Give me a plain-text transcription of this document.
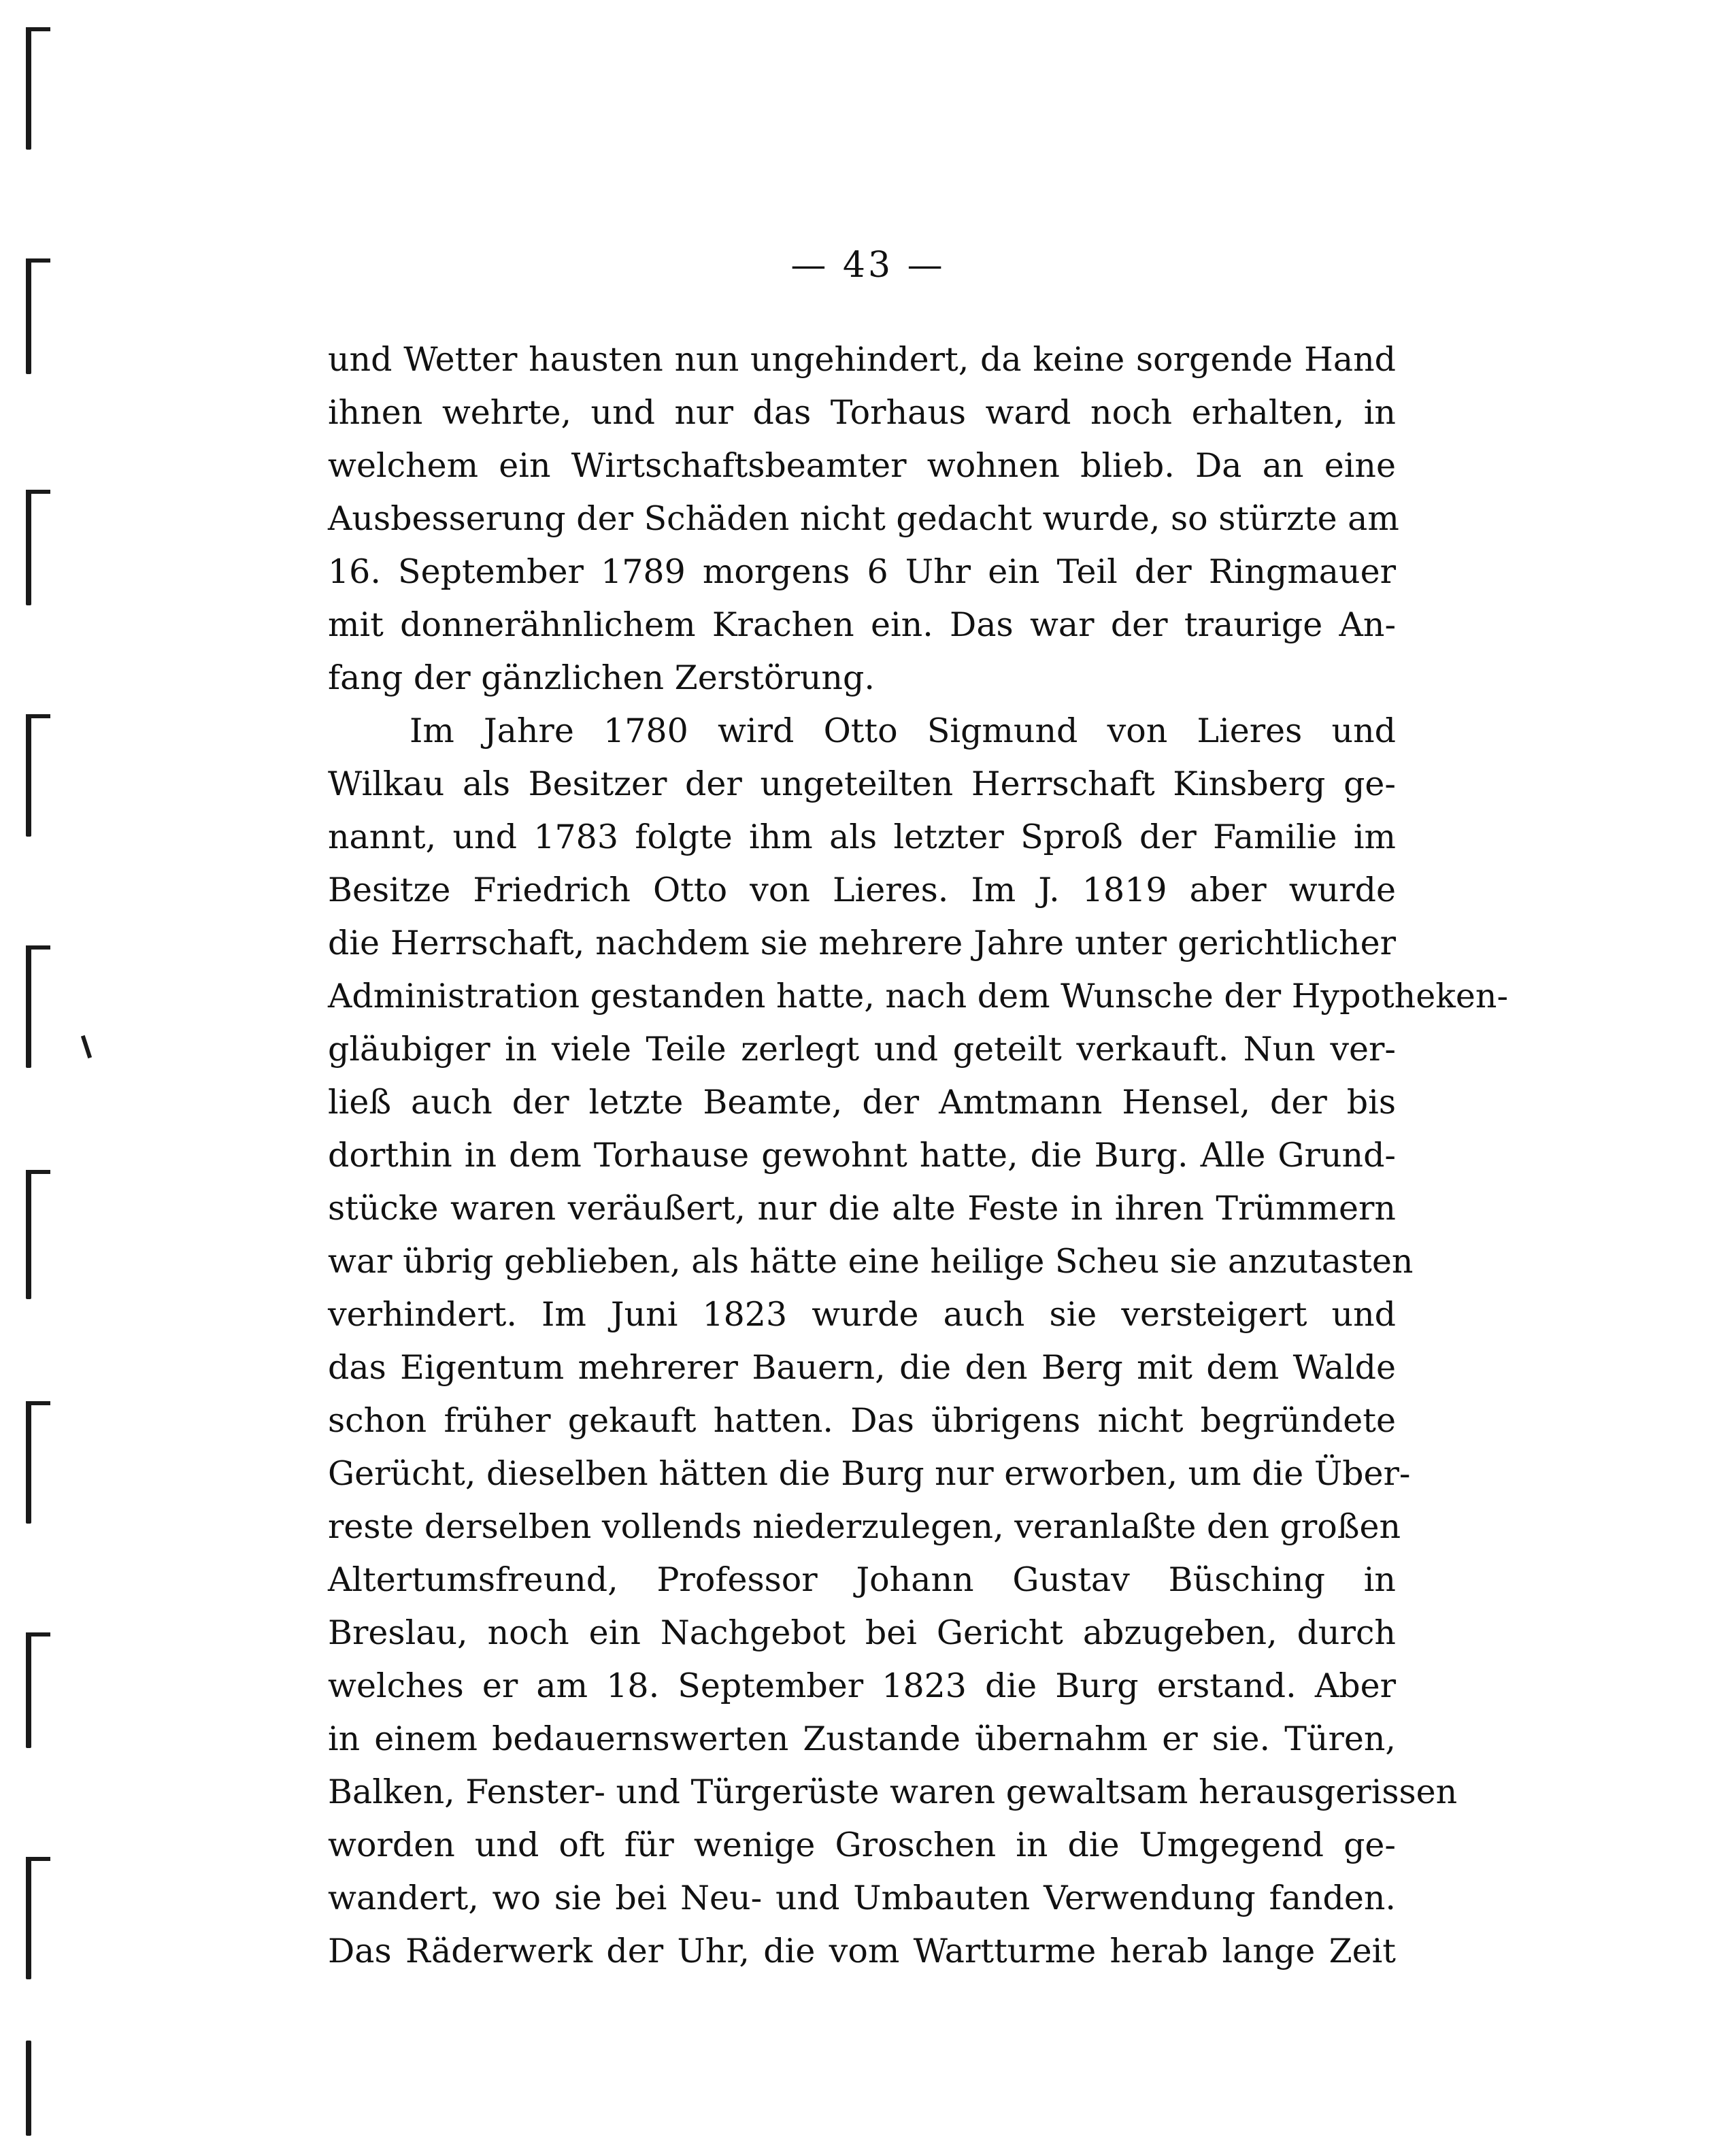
— 43 —
und Wetter hausten nun ungehindert, da keine sorgende Hand
ihnen wehrte, und nur das Torhaus ward noch erhalten, in
welchem ein Wirtschaftsbeamter wohnen blieb. Da an eine
Ausbesserung der Schäden nicht gedacht wurde, so stürzte am
16. September 1789 morgens 6 Uhr ein Teil der Ringmauer
mit donnerähnlichem Krachen ein. Das war der traurige An-
fang der gänzlichen Zerstörung.
Im Jahre 1780 wird Otto Sigmund von Lieres und
Wilkau als Besitzer der ungeteilten Herrschaft Kinsberg ge-
nannt, und 1783 folgte ihm als letzter Sproß der Familie im
Besitze Friedrich Otto von Lieres. Im J. 1819 aber wurde
die Herrschaft, nachdem sie mehrere Jahre unter gerichtlicher
Administration gestanden hatte, nach dem Wunsche der Hypotheken-
gläubiger in viele Teile zerlegt und geteilt verkauft. Nun ver-
ließ auch der letzte Beamte, der Amtmann Hensel, der bis
dorthin in dem Torhause gewohnt hatte, die Burg. Alle Grund-
stücke waren veräußert, nur die alte Feste in ihren Trümmern
war übrig geblieben, als hätte eine heilige Scheu sie anzutasten
verhindert. Im Juni 1823 wurde auch sie versteigert und
das Eigentum mehrerer Bauern, die den Berg mit dem Walde
schon früher gekauft hatten. Das übrigens nicht begründete
Gerücht, dieselben hätten die Burg nur erworben, um die Über-
reste derselben vollends niederzulegen, veranlaßte den großen
Altertumsfreund, Professor Johann Gustav Büsching in
Breslau, noch ein Nachgebot bei Gericht abzugeben, durch
welches er am 18. September 1823 die Burg erstand. Aber
in einem bedauernswerten Zustande übernahm er sie. Türen,
Balken, Fenster- und Türgerüste waren gewaltsam herausgerissen
worden und oft für wenige Groschen in die Umgegend ge-
wandert, wo sie bei Neu- und Umbauten Verwendung fanden.
Das Räderwerk der Uhr, die vom Wartturme herab lange Zeit
